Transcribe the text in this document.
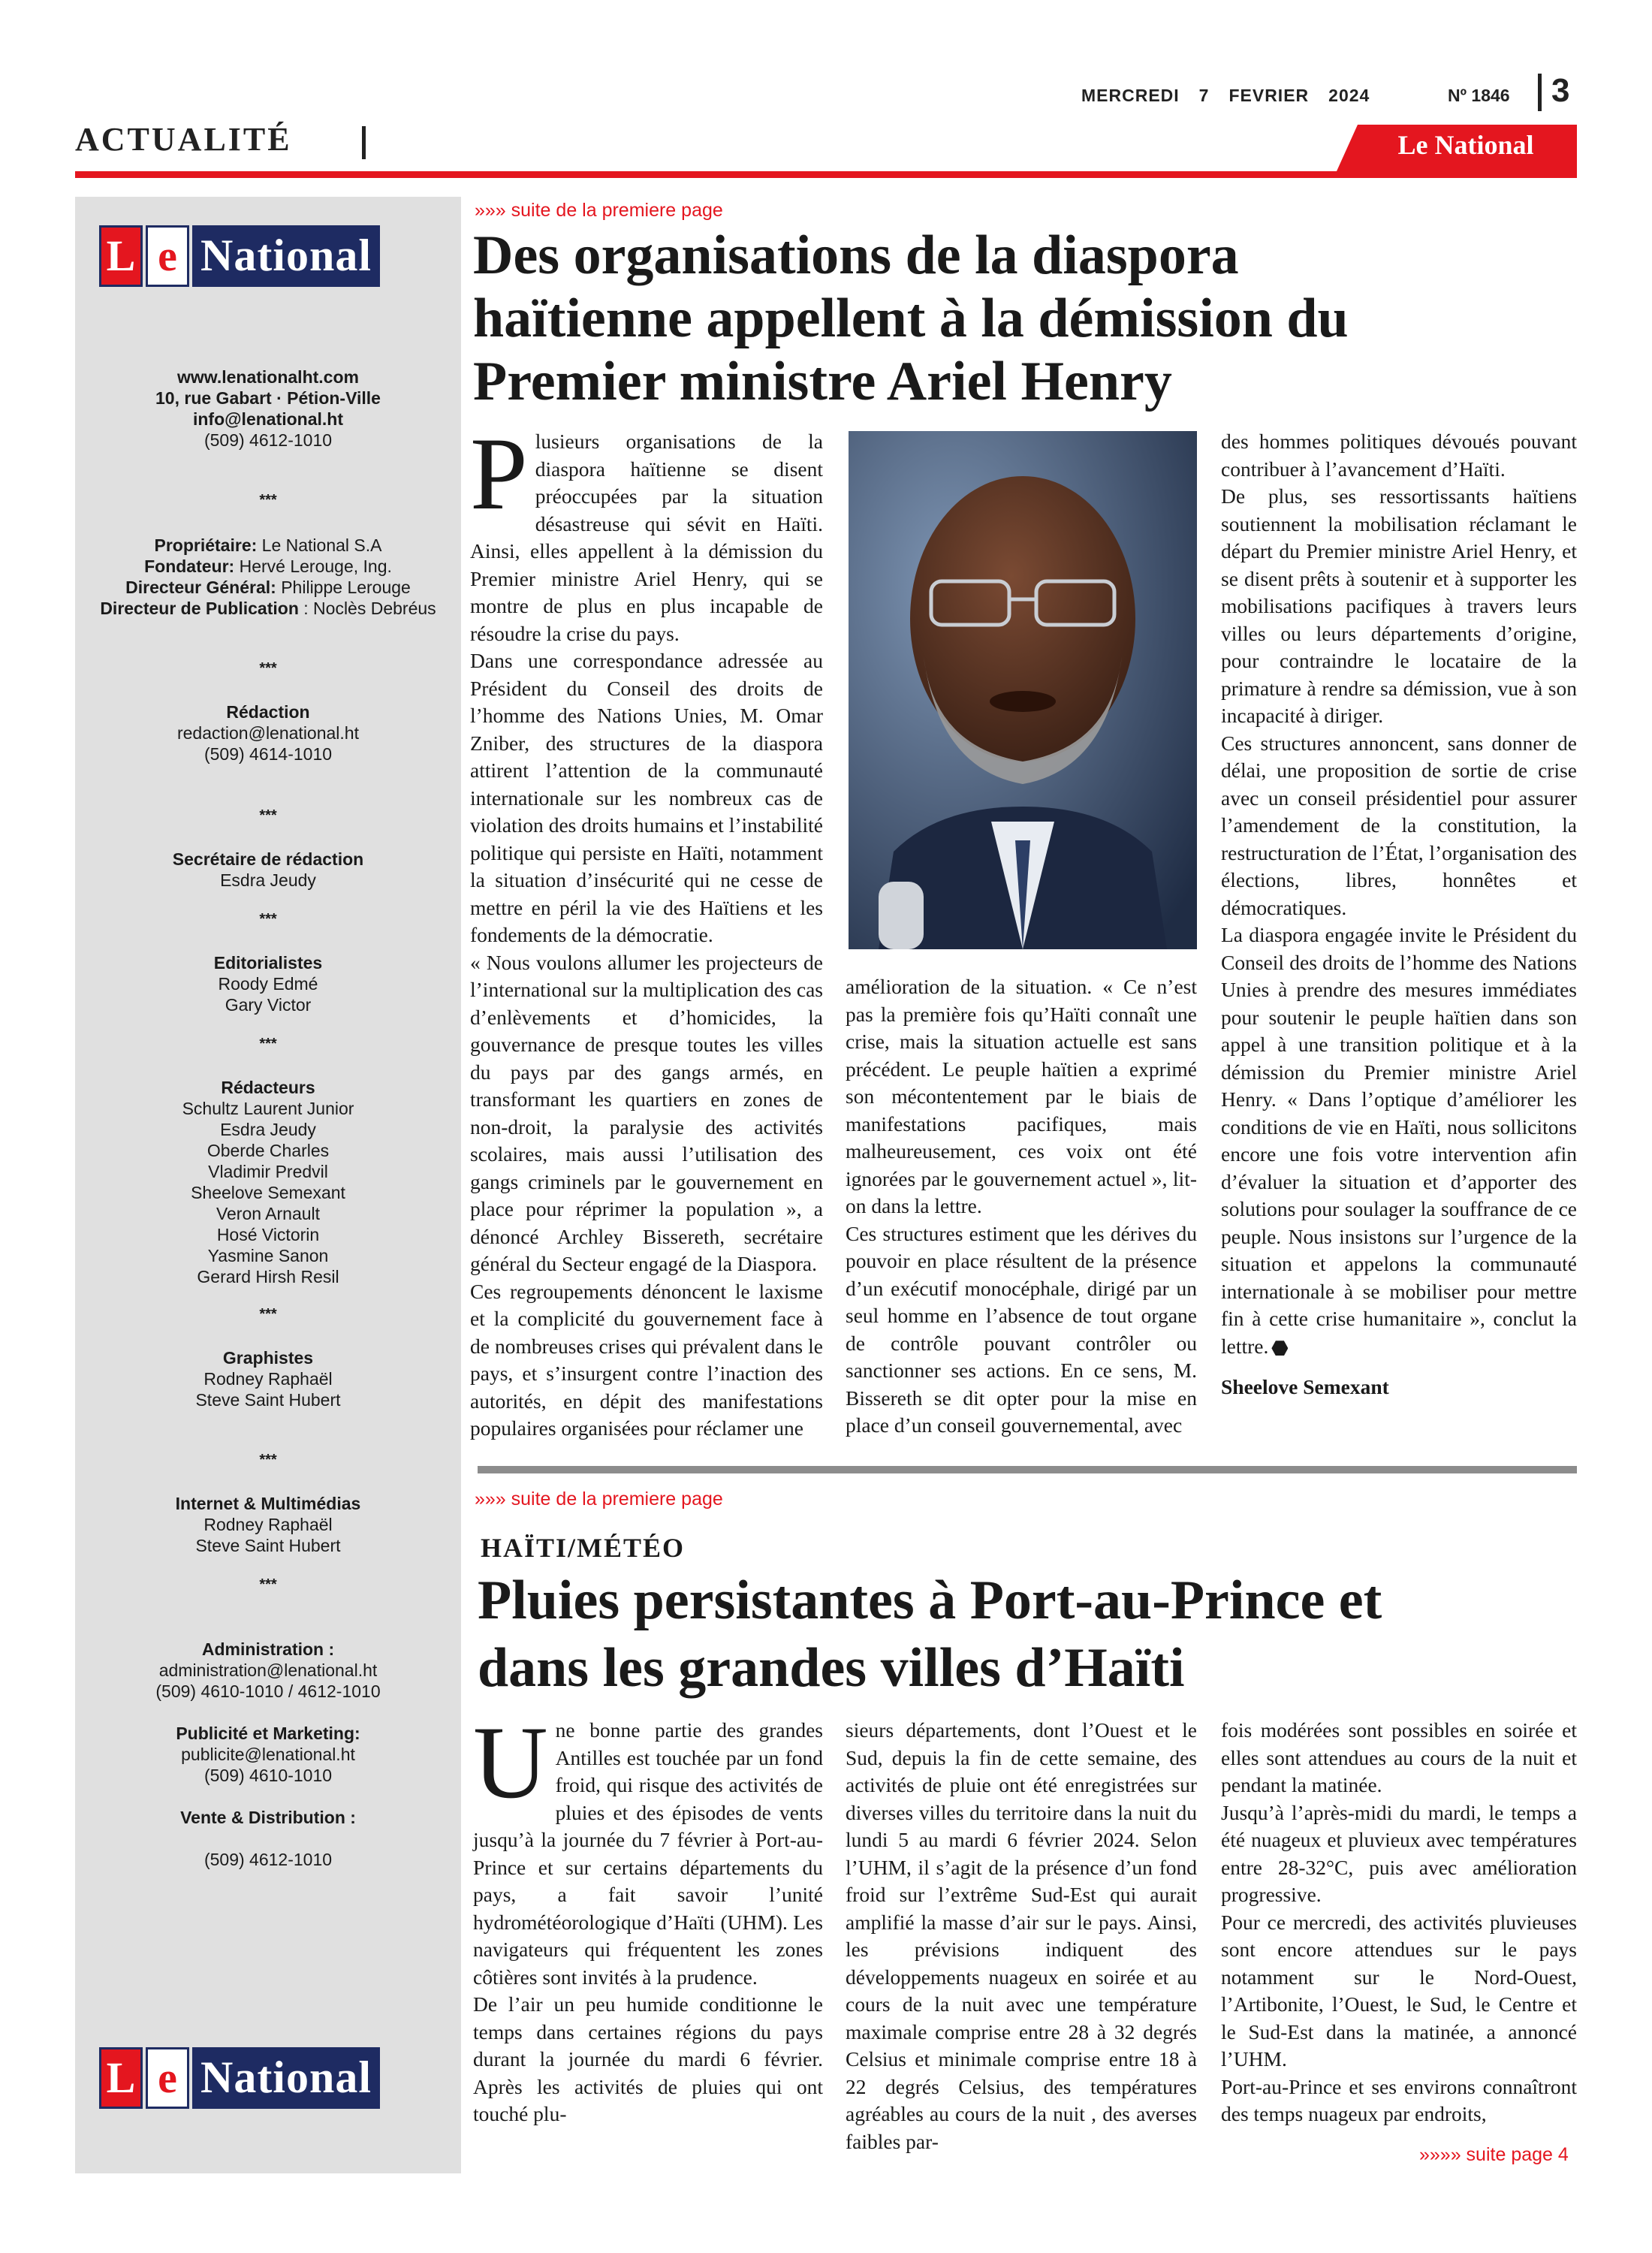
MERCREDI 7 FEVRIER 2024	Nº 1846 3
ACTUALITÉ	Le National
L e National
www.lenationalht.com
10, rue Gabart · Pétion-Ville
info@lenational.ht
(509) 4612-1010
***
Propriétaire: Le National S.A
Fondateur: Hervé Lerouge, Ing.
Directeur Général: Philippe Lerouge
Directeur de Publication : Noclès Debréus
***
Rédaction
redaction@lenational.ht
(509) 4614-1010
***
Secrétaire de rédaction
Esdra Jeudy
***
Editorialistes
Roody Edmé
Gary Victor
***
Rédacteurs
Schultz Laurent Junior
Esdra Jeudy
Oberde Charles
Vladimir Predvil
Sheelove Semexant
Veron Arnault
Hosé Victorin
Yasmine Sanon
Gerard Hirsh Resil
***
Graphistes
Rodney Raphaël
Steve Saint Hubert
***
Internet & Multimédias
Rodney Raphaël
Steve Saint Hubert
***
Administration :
administration@lenational.ht
(509) 4610-1010 / 4612-1010
Publicité et Marketing:
publicite@lenational.ht
(509) 4610-1010
Vente & Distribution :
(509) 4612-1010
L e National
»»» suite de la premiere page
Des organisations de la diaspora
haïtienne appellent à la démission du
Premier ministre Ariel Henry

Plusieurs organisations de la diaspora haïtienne se disent préoccupées par la situation désastreuse qui sévit en Haïti. Ainsi, elles appellent à la démission du Premier ministre Ariel Henry, qui se montre de plus en plus incapable de résoudre la crise du pays.

Dans une correspondance adressée au Président du Conseil des droits de l’homme des Nations Unies, M. Omar Zniber, des structures de la diaspora attirent l’attention de la communauté internationale sur les nombreux cas de violation des droits humains et l’instabilité politique qui persiste en Haïti, notamment la situation d’insécurité qui ne cesse de mettre en péril la vie des Haïtiens et les fondements de la démocratie.

« Nous voulons allumer les projecteurs de l’international sur la multiplication des cas d’enlèvements et d’homicides, la gouvernance de presque toutes les villes du pays par des gangs armés, en transformant les quartiers en zones de non-droit, la paralysie des activités scolaires, mais aussi l’utilisation des gangs criminels par le gouvernement en place pour réprimer la population », a dénoncé Archley Bissereth, secrétaire général du Secteur engagé de la Diaspora.

Ces regroupements dénoncent le laxisme et la complicité du gouvernement face à de nombreuses crises qui prévalent dans le pays, et s’insurgent contre l’inaction des autorités, en dépit des manifestations populaires organisées pour réclamer une

amélioration de la situation. « Ce n’est pas la première fois qu’Haïti connaît une crise, mais la situation actuelle est sans précédent. Le peuple haïtien a exprimé son mécontentement par le biais de manifestations pacifiques, mais malheureusement, ces voix ont été ignorées par le gouvernement actuel », lit-on dans la lettre.

Ces structures estiment que les dérives du pouvoir en place résultent de la présence d’un exécutif monocéphale, dirigé par un seul homme en l’absence de tout organe de contrôle pouvant contrôler ou sanctionner ses actions. En ce sens, M. Bissereth se dit opter pour la mise en place d’un conseil gouvernemental, avec

des hommes politiques dévoués pouvant contribuer à l’avancement d’Haïti.

De plus, ses ressortissants haïtiens soutiennent la mobilisation réclamant le départ du Premier ministre Ariel Henry, et se disent prêts à soutenir et à supporter les mobilisations pacifiques à travers leurs villes ou leurs départements d’origine, pour contraindre le locataire de la primature à rendre sa démission, vue à son incapacité à diriger.

Ces structures annoncent, sans donner de délai, une proposition de sortie de crise avec un conseil présidentiel pour assurer l’amendement de la constitution, la restructuration de l’État, l’organisation des élections, libres, honnêtes et démocratiques.

La diaspora engagée invite le Président du Conseil des droits de l’homme des Nations Unies à prendre des mesures immédiates pour soutenir le peuple haïtien dans son appel à une transition politique et à la démission du Premier ministre Ariel Henry. « Dans l’optique d’améliorer les conditions de vie en Haïti, nous sollicitons encore une fois votre intervention afin d’évaluer la situation et d’apporter des solutions pour soulager la souffrance de ce peuple. Nous insistons sur l’urgence de la situation et appelons la communauté internationale à se mobiliser pour mettre fin à cette crise humanitaire », conclut la lettre.

Sheelove Semexant

»»» suite de la premiere page
HAÏTI/MÉTÉO
Pluies persistantes à Port-au-Prince et
dans les grandes villes d’Haïti

Une bonne partie des grandes Antilles est touchée par un fond froid, qui risque des activités de pluies et des épisodes de vents jusqu’à la journée du 7 février à Port-au-Prince et sur certains départements du pays, a fait savoir l’unité hydrométéorologique d’Haïti (UHM). Les navigateurs qui fréquentent les zones côtières sont invités à la prudence.

De l’air un peu humide conditionne le temps dans certaines régions du pays durant la journée du mardi 6 février. Après les activités de pluies qui ont touché plu-

sieurs départements, dont l’Ouest et le Sud, depuis la fin de cette semaine, des activités de pluie ont été enregistrées sur diverses villes du territoire dans la nuit du lundi 5 au mardi 6 février 2024. Selon l’UHM, il s’agit de la présence d’un fond froid sur l’extrême Sud-Est qui aurait amplifié la masse d’air sur le pays. Ainsi, les prévisions indiquent des développements nuageux en soirée et au cours de la nuit avec une température maximale comprise entre 28 à 32 degrés Celsius et minimale comprise entre 18 à 22 degrés Celsius, des températures agréables au cours de la nuit , des averses faibles par-

fois modérées sont possibles en soirée et elles sont attendues au cours de la nuit et pendant la matinée.

Jusqu’à l’après-midi du mardi, le temps a été nuageux et pluvieux avec températures entre 28-32°C, puis avec amélioration progressive.

Pour ce mercredi, des activités pluvieuses sont encore attendues sur le pays notamment sur le Nord-Ouest, l’Artibonite, l’Ouest, le Sud, le Centre et le Sud-Est dans la matinée, a annoncé l’UHM.

Port-au-Prince et ses environs connaîtront des temps nuageux par endroits,

»»»» suite page 4
